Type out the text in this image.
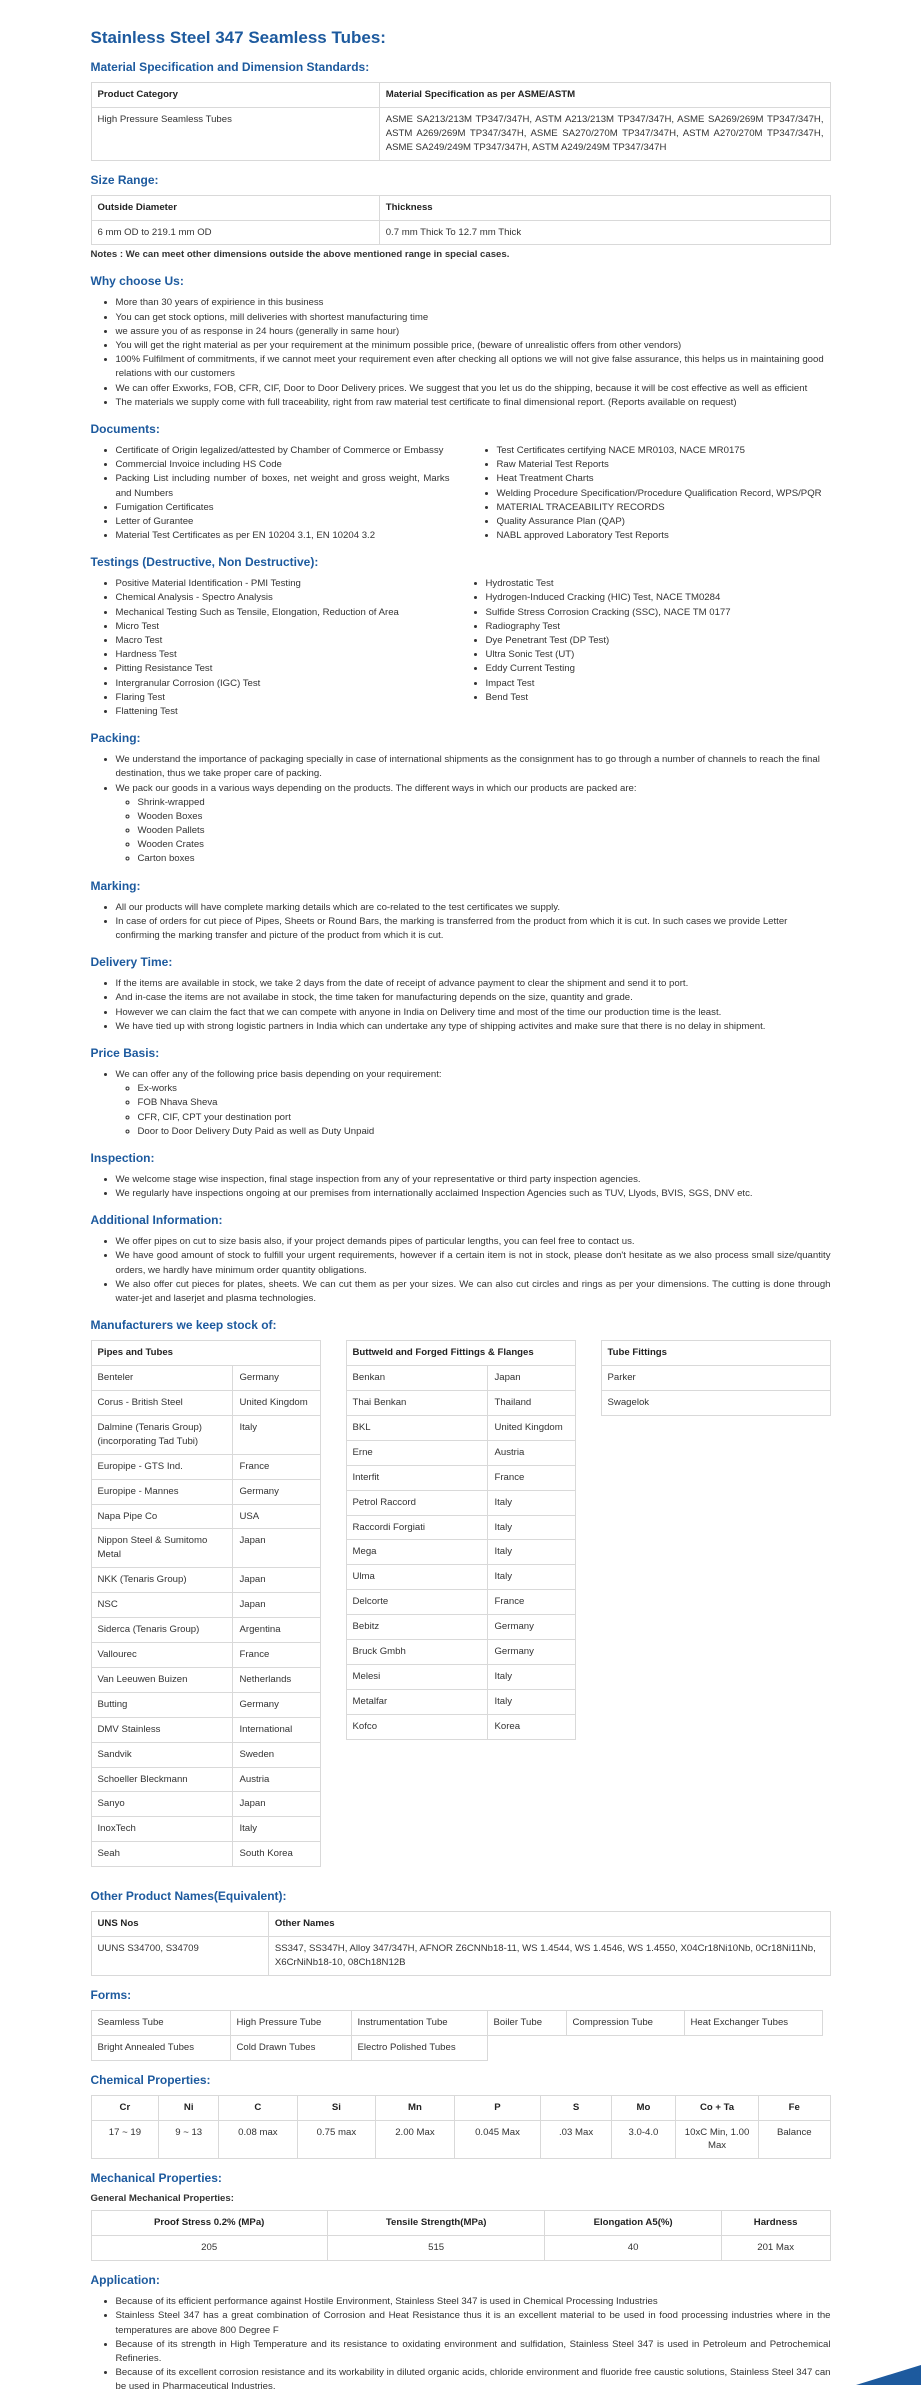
Stainless Steel 347 Seamless Tubes:
Material Specification and Dimension Standards:
Product Category	Material Specification as per ASME/ASTM
High Pressure Seamless Tubes	ASME SA213/213M TP347/347H, ASTM A213/213M TP347/347H, ASME SA269/269M TP347/347H, ASTM A269/269M TP347/347H, ASME SA270/270M TP347/347H, ASTM A270/270M TP347/347H, ASME SA249/249M TP347/347H, ASTM A249/249M TP347/347H
Size Range:
Outside Diameter	Thickness
6 mm OD to 219.1 mm OD	0.7 mm Thick To 12.7 mm Thick
Notes : We can meet other dimensions outside the above mentioned range in special cases.
Why choose Us:
• More than 30 years of expirience in this business
• You can get stock options, mill deliveries with shortest manufacturing time
• we assure you of as response in 24 hours (generally in same hour)
• You will get the right material as per your requirement at the minimum possible price, (beware of unrealistic offers from other vendors)
• 100% Fulfilment of commitments, if we cannot meet your requirement even after checking all options we will not give false assurance, this helps us in maintaining good relations with our customers
• We can offer Exworks, FOB, CFR, CIF, Door to Door Delivery prices. We suggest that you let us do the shipping, because it will be cost effective as well as efficient
• The materials we supply come with full traceability, right from raw material test certificate to final dimensional report. (Reports available on request)
Documents:
• Certificate of Origin legalized/attested by Chamber of Commerce or Embassy
• Commercial Invoice including HS Code
• Packing List including number of boxes, net weight and gross weight, Marks and Numbers
• Fumigation Certificates
• Letter of Gurantee
• Material Test Certificates as per EN 10204 3.1, EN 10204 3.2
• Test Certificates certifying NACE MR0103, NACE MR0175
• Raw Material Test Reports
• Heat Treatment Charts
• Welding Procedure Specification/Procedure Qualification Record, WPS/PQR
• MATERIAL TRACEABILITY RECORDS
• Quality Assurance Plan (QAP)
• NABL approved Laboratory Test Reports
Testings (Destructive, Non Destructive):
• Positive Material Identification - PMI Testing
• Chemical Analysis - Spectro Analysis
• Mechanical Testing Such as Tensile, Elongation, Reduction of Area
• Micro Test
• Macro Test
• Hardness Test
• Pitting Resistance Test
• Intergranular Corrosion (IGC) Test
• Flaring Test
• Flattening Test
• Hydrostatic Test
• Hydrogen-Induced Cracking (HIC) Test, NACE TM0284
• Sulfide Stress Corrosion Cracking (SSC), NACE TM 0177
• Radiography Test
• Dye Penetrant Test (DP Test)
• Ultra Sonic Test (UT)
• Eddy Current Testing
• Impact Test
• Bend Test
Packing:
• We understand the importance of packaging specially in case of international shipments as the consignment has to go through a number of channels to reach the final destination, thus we take proper care of packing.
• We pack our goods in a various ways depending on the products. The different ways in which our products are packed are:
◦ Shrink-wrapped
◦ Wooden Boxes
◦ Wooden Pallets
◦ Wooden Crates
◦ Carton boxes
Marking:
• All our products will have complete marking details which are co-related to the test certificates we supply.
• In case of orders for cut piece of Pipes, Sheets or Round Bars, the marking is transferred from the product from which it is cut. In such cases we provide Letter confirming the marking transfer and picture of the product from which it is cut.
Delivery Time:
• If the items are available in stock, we take 2 days from the date of receipt of advance payment to clear the shipment and send it to port.
• And in-case the items are not availabe in stock, the time taken for manufacturing depends on the size, quantity and grade.
• However we can claim the fact that we can compete with anyone in India on Delivery time and most of the time our production time is the least.
• We have tied up with strong logistic partners in India which can undertake any type of shipping activites and make sure that there is no delay in shipment.
Price Basis:
• We can offer any of the following price basis depending on your requirement:
◦ Ex-works
◦ FOB Nhava Sheva
◦ CFR, CIF, CPT your destination port
◦ Door to Door Delivery Duty Paid as well as Duty Unpaid
Inspection:
• We welcome stage wise inspection, final stage inspection from any of your representative or third party inspection agencies.
• We regularly have inspections ongoing at our premises from internationally acclaimed Inspection Agencies such as TUV, Llyods, BVIS, SGS, DNV etc.
Additional Information:
• We offer pipes on cut to size basis also, if your project demands pipes of particular lengths, you can feel free to contact us.
• We have good amount of stock to fulfill your urgent requirements, however if a certain item is not in stock, please don't hesitate as we also process small size/quantity orders, we hardly have minimum order quantity obligations.
• We also offer cut pieces for plates, sheets. We can cut them as per your sizes. We can also cut circles and rings as per your dimensions. The cutting is done through water-jet and laserjet and plasma technologies.
Manufacturers we keep stock of:
Pipes and Tubes	
Benteler	Germany
Corus - British Steel	United Kingdom
Dalmine (Tenaris Group) (incorporating Tad Tubi)	Italy
Europipe - GTS Ind.	France
Europipe - Mannes	Germany
Napa Pipe Co	USA
Nippon Steel & Sumitomo Metal	Japan
NKK (Tenaris Group)	Japan
NSC	Japan
Siderca (Tenaris Group)	Argentina
Vallourec	France
Van Leeuwen Buizen	Netherlands
Butting	Germany
DMV Stainless	International
Sandvik	Sweden
Schoeller Bleckmann	Austria
Sanyo	Japan
InoxTech	Italy
Seah	South Korea
Buttweld and Forged Fittings & Flanges	
Benkan	Japan
Thai Benkan	Thailand
BKL	United Kingdom
Erne	Austria
Interfit	France
Petrol Raccord	Italy
Raccordi Forgiati	Italy
Mega	Italy
Ulma	Italy
Delcorte	France
Bebitz	Germany
Bruck Gmbh	Germany
Melesi	Italy
Metalfar	Italy
Kofco	Korea
Tube Fittings
Parker
Swagelok
Other Product Names(Equivalent):
UNS Nos	Other Names
UUNS S34700, S34709	SS347, SS347H, Alloy 347/347H, AFNOR Z6CNNb18-11, WS 1.4544, WS 1.4546, WS 1.4550, X04Cr18Ni10Nb, 0Cr18Ni11Nb, X6CrNiNb18-10, 08Ch18N12B
Forms:
Seamless Tube	High Pressure Tube	Instrumentation Tube	Boiler Tube	Compression Tube	Heat Exchanger Tubes
Bright Annealed Tubes	Cold Drawn Tubes	Electro Polished Tubes			
Chemical Properties:
Cr	Ni	C	Si	Mn	P	S	Mo	Co + Ta	Fe
17 ~ 19	9 ~ 13	0.08 max	0.75 max	2.00 Max	0.045 Max	.03 Max	3.0-4.0	10xC Min, 1.00 Max	Balance
Mechanical Properties:
General Mechanical Properties:
Proof Stress 0.2% (MPa)	Tensile Strength(MPa)	Elongation A5(%)	Hardness
205	515	40	201 Max
Application:
• Because of its efficient performance against Hostile Environment, Stainless Steel 347 is used in Chemical Processing Industries
• Stainless Steel 347 has a great combination of Corrosion and Heat Resistance thus it is an excellent material to be used in food processing industries where in the temperatures are above 800 Degree F
• Because of its strength in High Temperature and its resistance to oxidating environment and sulfidation, Stainless Steel 347 is used in Petroleum and Petrochemical Refineries.
• Because of its excellent corrosion resistance and its workability in diluted organic acids, chloride environment and fluoride free caustic solutions, Stainless Steel 347 can be used in Pharmaceutical Industries.
